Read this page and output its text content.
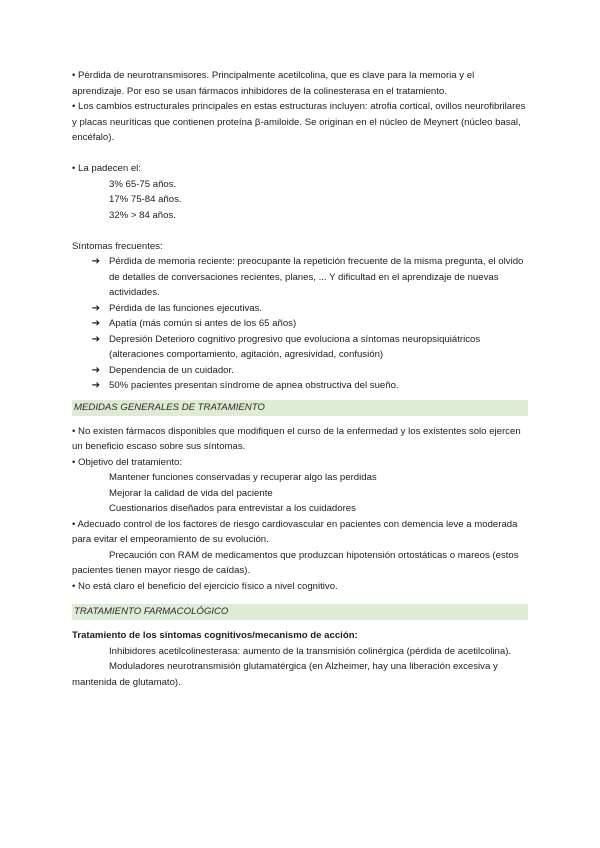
• Pérdida de neurotransmisores. Principalmente acetilcolina, que es clave para la memoria y el aprendizaje. Por eso se usan fármacos inhibidores de la colinesterasa en el tratamiento.

• Los cambios estructurales principales en estas estructuras incluyen: atrofia cortical, ovillos neurofibrilares y placas neuríticas que contienen proteína β-amiloide. Se originan en el núcleo de Meynert (núcleo basal, encéfalo).

• La padecen el:

3% 65-75 años.

17% 75-84 años.

32% > 84 años.

Síntomas frecuentes:

➔ Pérdida de memoria reciente: preocupante la repetición frecuente de la misma pregunta, el olvido de detalles de conversaciones recientes, planes, ... Y dificultad en el aprendizaje de nuevas actividades.
➔ Pérdida de las funciones ejecutivas.
➔ Apatía (más común si antes de los 65 años)
➔ Depresión Deterioro cognitivo progresivo que evoluciona a síntomas neuropsiquiátricos (alteraciones comportamiento, agitación, agresividad, confusión)
➔ Dependencia de un cuidador.
➔ 50% pacientes presentan síndrome de apnea obstructiva del sueño.
MEDIDAS GENERALES DE TRATAMIENTO

• No existen fármacos disponibles que modifiquen el curso de la enfermedad y los existentes solo ejercen un beneficio escaso sobre sus síntomas.

• Objetivo del tratamiento:

Mantener funciones conservadas y recuperar algo las perdidas

Mejorar la calidad de vida del paciente

Cuestionarios diseñados para entrevistar a los cuidadores

• Adecuado control de los factores de riesgo cardiovascular en pacientes con demencia leve a moderada para evitar el empeoramiento de su evolución.

Precaución con RAM de medicamentos que produzcan hipotensión ortostáticas o mareos (estos pacientes tienen mayor riesgo de caídas).

• No está claro el beneficio del ejercicio físico a nivel cognitivo.

TRATAMIENTO FARMACOLÓGICO

Tratamiento de los síntomas cognitivos/mecanismo de acción:

Inhibidores acetilcolinesterasa: aumento de la transmisión colinérgica (pérdida de acetilcolina).

Moduladores neurotransmisión glutamatérgica (en Alzheimer, hay una liberación excesiva y mantenida de glutamato).
